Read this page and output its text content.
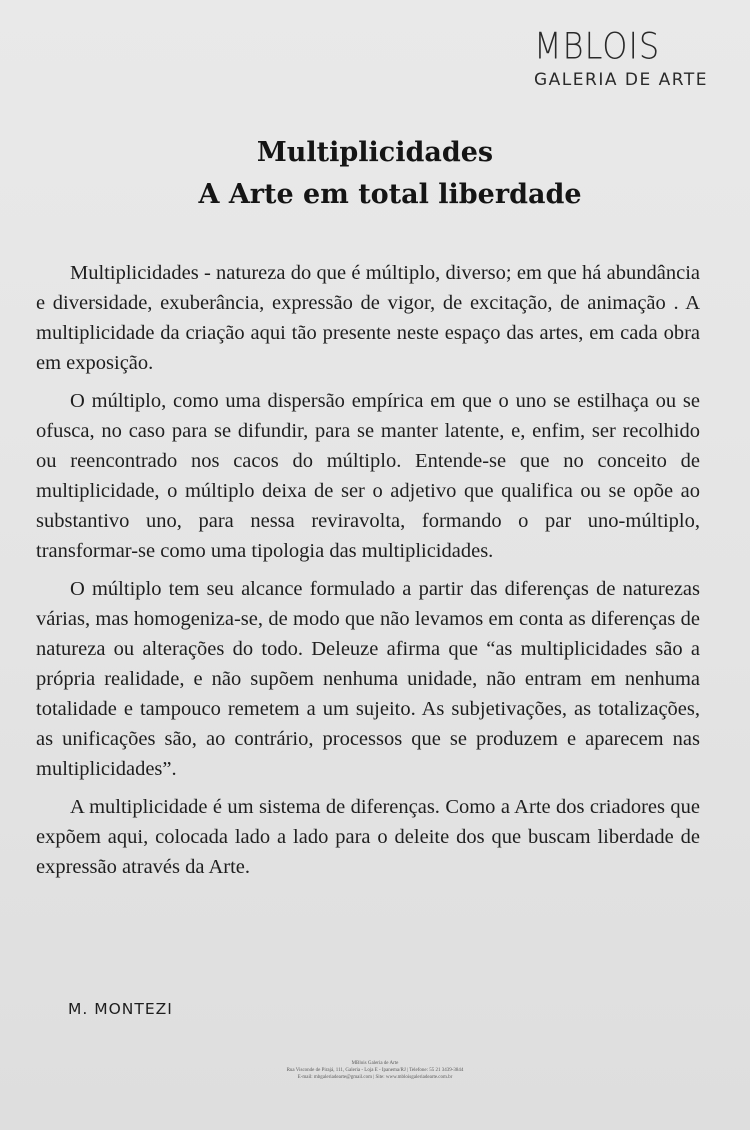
MBLOIS
GALERIA DE ARTE
Multiplicidades
A Arte em total liberdade

Multiplicidades - natureza do que é múltiplo, diverso; em que há abundância e diversidade, exuberância, expressão de vigor, de excitação, de animação . A multiplicidade da criação aqui tão presente neste espaço das artes, em cada obra em exposição.

O múltiplo, como uma dispersão empírica em que o uno se estilhaça ou se ofusca, no caso para se difundir, para se manter latente, e, enfim, ser recolhido ou reencontrado nos cacos do múltiplo. Entende-se que no conceito de multiplicidade, o múltiplo deixa de ser o adjetivo que qualifica ou se opõe ao substantivo uno, para nessa reviravolta, formando o par uno-múltiplo, transformar-se como uma tipologia das multiplicidades.

O múltiplo tem seu alcance formulado a partir das diferenças de naturezas várias, mas homogeniza-se, de modo que não levamos em conta as diferenças de natureza ou alterações do todo. Deleuze afirma que “as multiplicidades são a própria realidade, e não supõem nenhuma unidade, não entram em nenhuma totalidade e tampouco remetem a um sujeito. As subjetivações, as totalizações, as unificações são, ao contrário, processos que se produzem e aparecem nas multiplicidades”.

A multiplicidade é um sistema de diferenças. Como a Arte dos criadores que expõem aqui, colocada lado a lado para o deleite dos que buscam liberdade de expressão através da Arte.

M. MONTEZI
MBlois Galeria de Arte
Rua Visconde de Pirajá, 111, Galeria - Loja E - Ipanema/RJ | Telefone: 55 21 3439-3844
E-mail: mbgaleriadearte@gmail.com | Site: www.mbloisgaleriadearte.com.br
